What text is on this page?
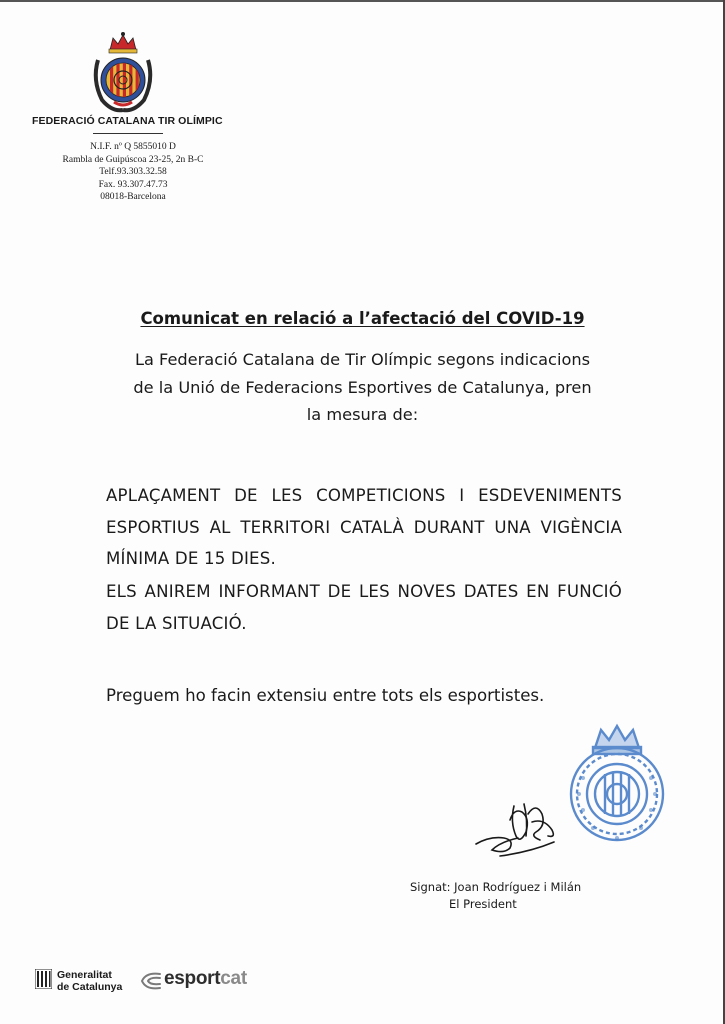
FEDERACIÓ CATALANA TIR OLÍMPIC
N.I.F. nº Q 5855010 D
Rambla de Guipúscoa 23-25, 2n B-C
Telf.93.303.32.58
Fax. 93.307.47.73
08018-Barcelona
Comunicat en relació a l’afectació del COVID-19
La Federació Catalana de Tir Olímpic segons indicacions
de la Unió de Federacions Esportives de Catalunya, pren
la mesura de:
APLAÇAMENT DE LES COMPETICIONS I ESDEVENIMENTS ESPORTIUS AL TERRITORI CATALÀ DURANT UNA VIGÈNCIA MÍNIMA DE 15 DIES.
ELS ANIREM INFORMANT DE LES NOVES DATES EN FUNCIÓ DE LA SITUACIÓ.
Preguem ho facin extensiu entre tots els esportistes.
Signat: Joan Rodríguez i Milán
El President
Generalitat
de Catalunya esportcat
